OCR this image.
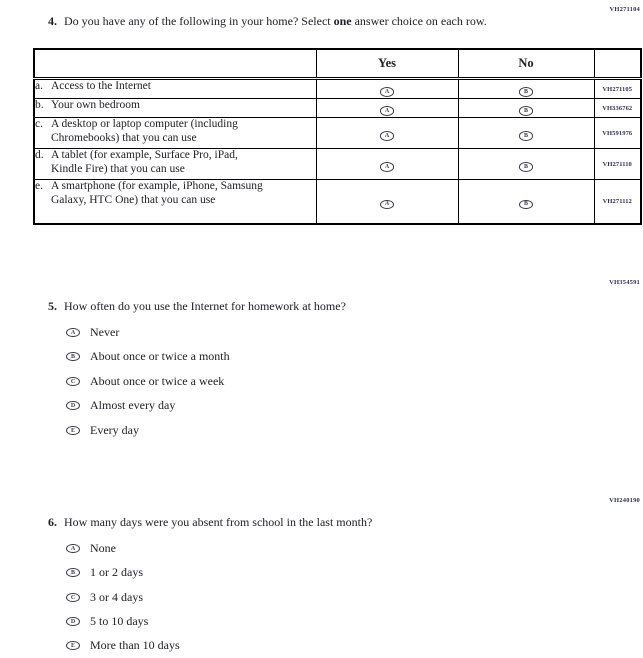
VH271104
4. Do you have any of the following in your home? Select one answer choice on each row.
	Yes	No	

a. Access to the Internet	A	B	VH271105

b. Your own bedroom	A	B	VH336762

c. A desktop or laptop computer (including Chromebooks) that you can use	A	B	VH591976

d. A tablet (for example, Surface Pro, iPad, Kindle Fire) that you can use	A	B	VH271110

e. A smartphone (for example, iPhone, Samsung Galaxy, HTC One) that you can use	A	B	VH271112
VH354591
5. How often do you use the Internet for homework at home?
A	Never
B	About once or twice a month
C	About once or twice a week
D	Almost every day
E	Every day
VH240190
6. How many days were you absent from school in the last month?
A	None
B	1 or 2 days
C	3 or 4 days
D	5 to 10 days
E	More than 10 days
